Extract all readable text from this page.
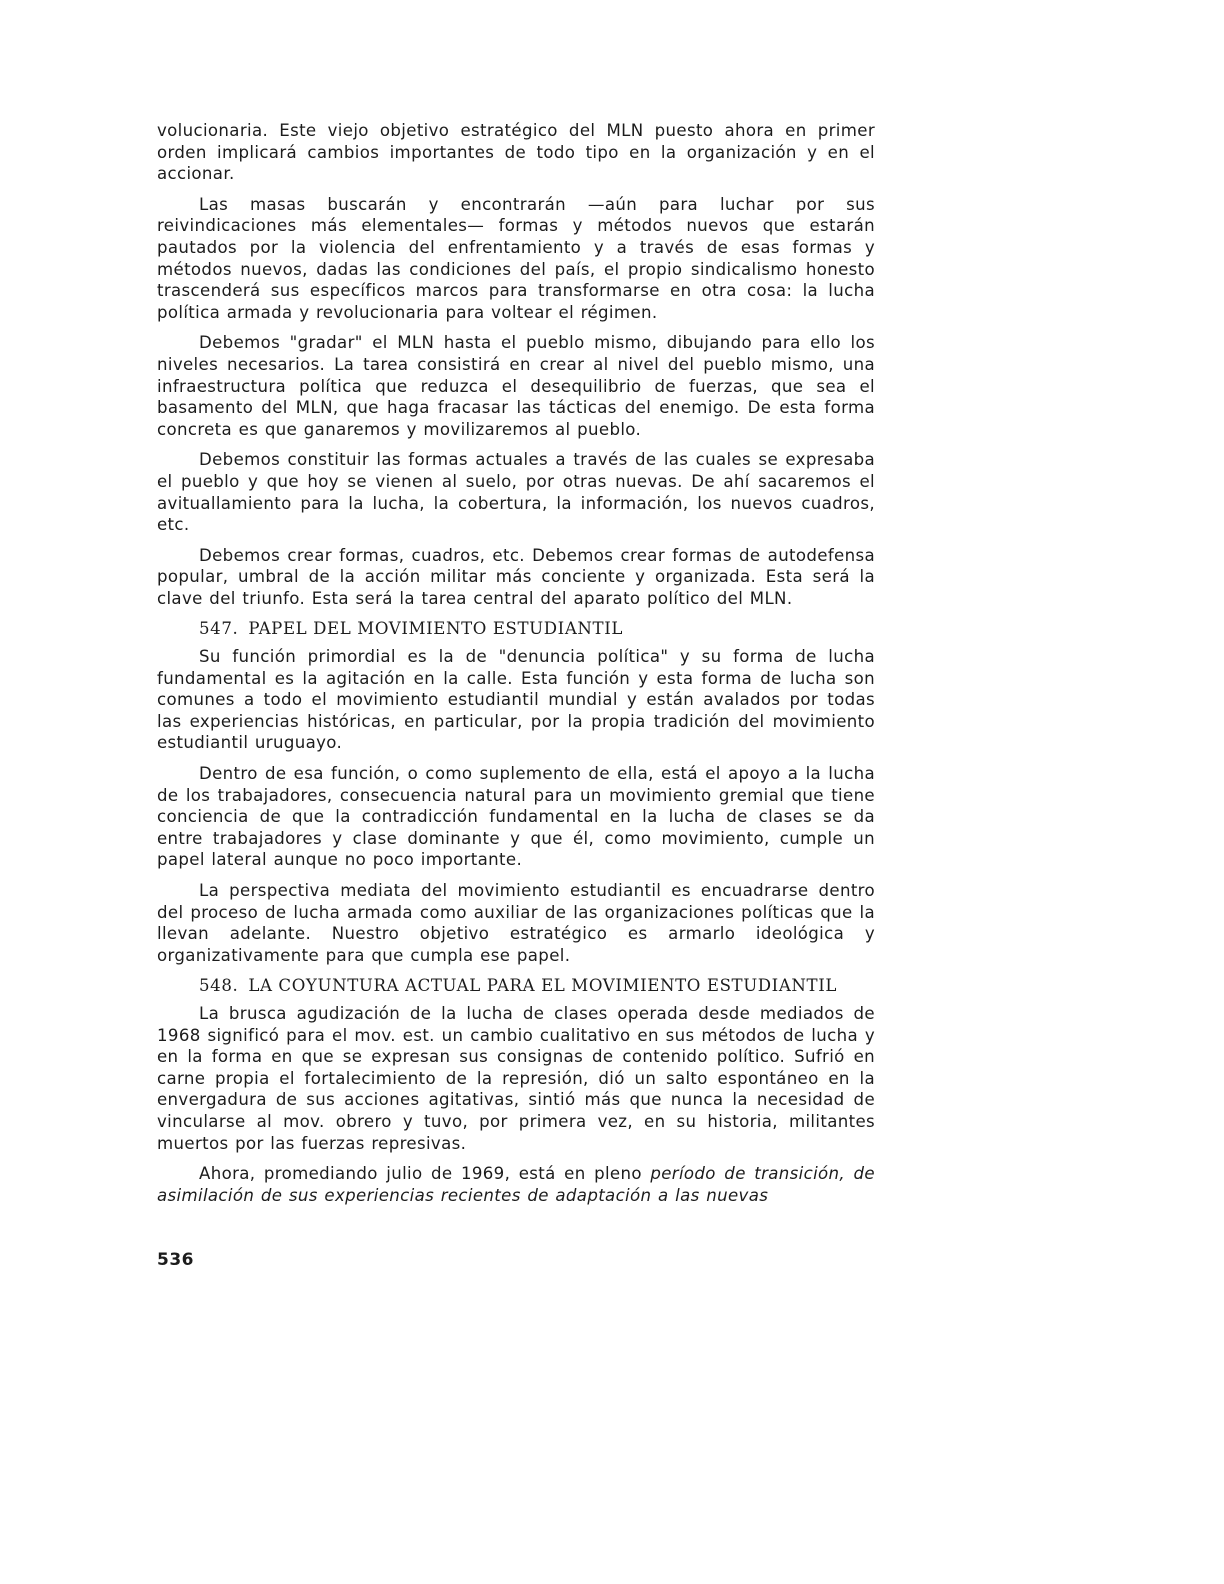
volucionaria. Este viejo objetivo estratégico del MLN puesto ahora en primer orden implicará cambios importantes de todo tipo en la organización y en el accionar.

Las masas buscarán y encontrarán —aún para luchar por sus reivindicaciones más elementales— formas y métodos nuevos que estarán pautados por la violencia del enfrentamiento y a través de esas formas y métodos nuevos, dadas las condiciones del país, el propio sindicalismo honesto trascenderá sus específicos marcos para transformarse en otra cosa: la lucha política armada y revolucionaria para voltear el régimen.

Debemos "gradar" el MLN hasta el pueblo mismo, dibujando para ello los niveles necesarios. La tarea consistirá en crear al nivel del pueblo mismo, una infraestructura política que reduzca el desequilibrio de fuerzas, que sea el basamento del MLN, que haga fracasar las tácticas del enemigo. De esta forma concreta es que ganaremos y movilizaremos al pueblo.

Debemos constituir las formas actuales a través de las cuales se expresaba el pueblo y que hoy se vienen al suelo, por otras nuevas. De ahí sacaremos el avituallamiento para la lucha, la cobertura, la información, los nuevos cuadros, etc.

Debemos crear formas, cuadros, etc. Debemos crear formas de autodefensa popular, umbral de la acción militar más conciente y organizada. Esta será la clave del triunfo. Esta será la tarea central del aparato político del MLN.

547. PAPEL DEL MOVIMIENTO ESTUDIANTIL

Su función primordial es la de "denuncia política" y su forma de lucha fundamental es la agitación en la calle. Esta función y esta forma de lucha son comunes a todo el movimiento estudiantil mundial y están avalados por todas las experiencias históricas, en particular, por la propia tradición del movimiento estudiantil uruguayo.

Dentro de esa función, o como suplemento de ella, está el apoyo a la lucha de los trabajadores, consecuencia natural para un movimiento gremial que tiene conciencia de que la contradicción fundamental en la lucha de clases se da entre trabajadores y clase dominante y que él, como movimiento, cumple un papel lateral aunque no poco importante.

La perspectiva mediata del movimiento estudiantil es encuadrarse dentro del proceso de lucha armada como auxiliar de las organizaciones políticas que la llevan adelante. Nuestro objetivo estratégico es armarlo ideológica y organizativamente para que cumpla ese papel.

548. LA COYUNTURA ACTUAL PARA EL MOVIMIENTO ESTUDIANTIL

La brusca agudización de la lucha de clases operada desde mediados de 1968 significó para el mov. est. un cambio cualitativo en sus métodos de lucha y en la forma en que se expresan sus consignas de contenido político. Sufrió en carne propia el fortalecimiento de la represión, dió un salto espontáneo en la envergadura de sus acciones agitativas, sintió más que nunca la necesidad de vincularse al mov. obrero y tuvo, por primera vez, en su historia, militantes muertos por las fuerzas represivas.

Ahora, promediando julio de 1969, está en pleno período de transición, de asimilación de sus experiencias recientes de adaptación a las nuevas

536
